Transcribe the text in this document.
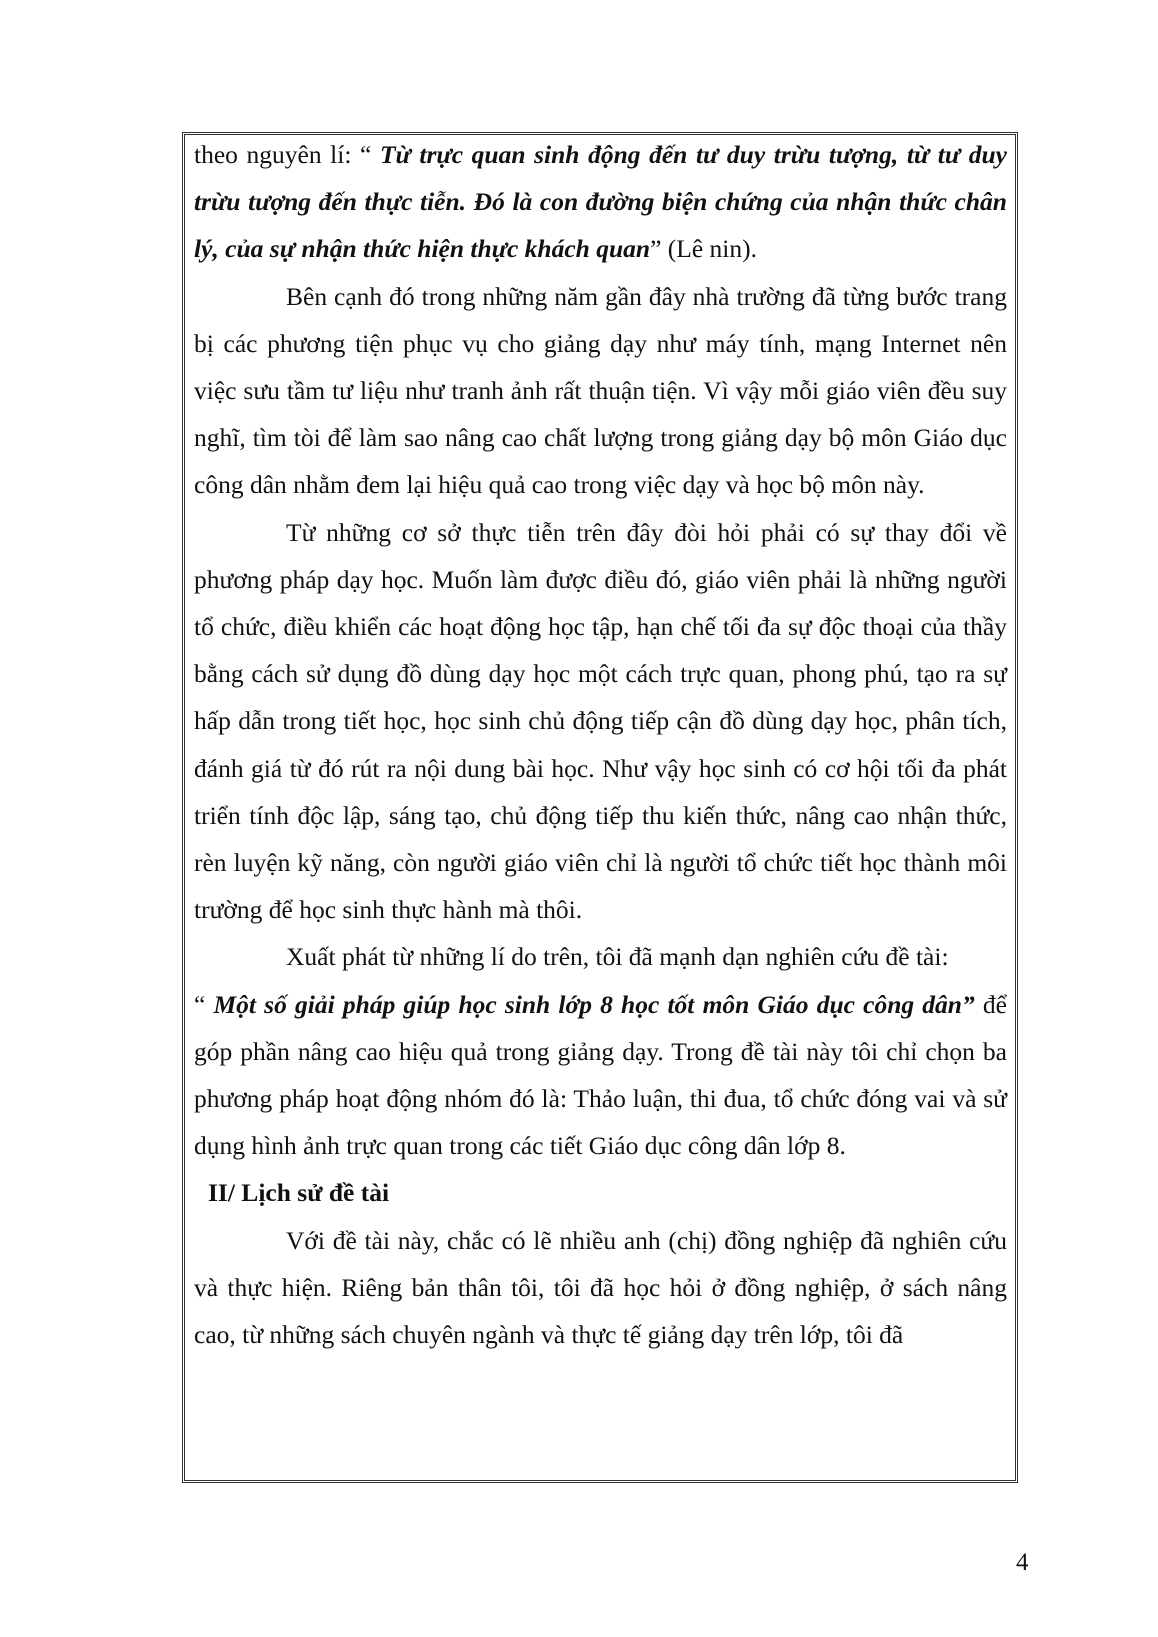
theo nguyên lí: “ Từ trực quan sinh động đến tư duy trừu tượng, từ tư duy trừu tượng đến thực tiễn. Đó là con đường biện chứng của nhận thức chân lý, của sự nhận thức hiện thực khách quan” (Lê nin).

Bên cạnh đó trong những năm gần đây nhà trường đã từng bước trang bị các phương tiện phục vụ cho giảng dạy như máy tính, mạng Internet nên việc sưu tầm tư liệu như tranh ảnh rất thuận tiện. Vì vậy mỗi giáo viên đều suy nghĩ, tìm tòi để làm sao nâng cao chất lượng trong giảng dạy bộ môn Giáo dục công dân nhằm đem lại hiệu quả cao trong việc dạy và học bộ môn này.

Từ những cơ sở thực tiễn trên đây đòi hỏi phải có sự thay đổi về phương pháp dạy học. Muốn làm được điều đó, giáo viên phải là những người tổ chức, điều khiển các hoạt động học tập, hạn chế tối đa sự độc thoại của thầy bằng cách sử dụng đồ dùng dạy học một cách trực quan, phong phú, tạo ra sự hấp dẫn trong tiết học, học sinh chủ động tiếp cận đồ dùng dạy học, phân tích, đánh giá từ đó rút ra nội dung bài học. Như vậy học sinh có cơ hội tối đa phát triển tính độc lập, sáng tạo, chủ động tiếp thu kiến thức, nâng cao nhận thức, rèn luyện kỹ năng, còn người giáo viên chỉ là người tổ chức tiết học thành môi trường để học sinh thực hành mà thôi.

Xuất phát từ những lí do trên, tôi đã mạnh dạn nghiên cứu đề tài:

“ Một số giải pháp giúp học sinh lớp 8 học tốt môn Giáo dục công dân” để góp phần nâng cao hiệu quả trong giảng dạy. Trong đề tài này tôi chỉ chọn ba phương pháp hoạt động nhóm đó là: Thảo luận, thi đua, tổ chức đóng vai và sử dụng hình ảnh trực quan trong các tiết Giáo dục công dân lớp 8.

II/ Lịch sử đề tài

Với đề tài này, chắc có lẽ nhiều anh (chị) đồng nghiệp đã nghiên cứu và thực hiện. Riêng bản thân tôi, tôi đã học hỏi ở đồng nghiệp, ở sách nâng cao, từ những sách chuyên ngành và thực tế giảng dạy trên lớp, tôi đã

4
